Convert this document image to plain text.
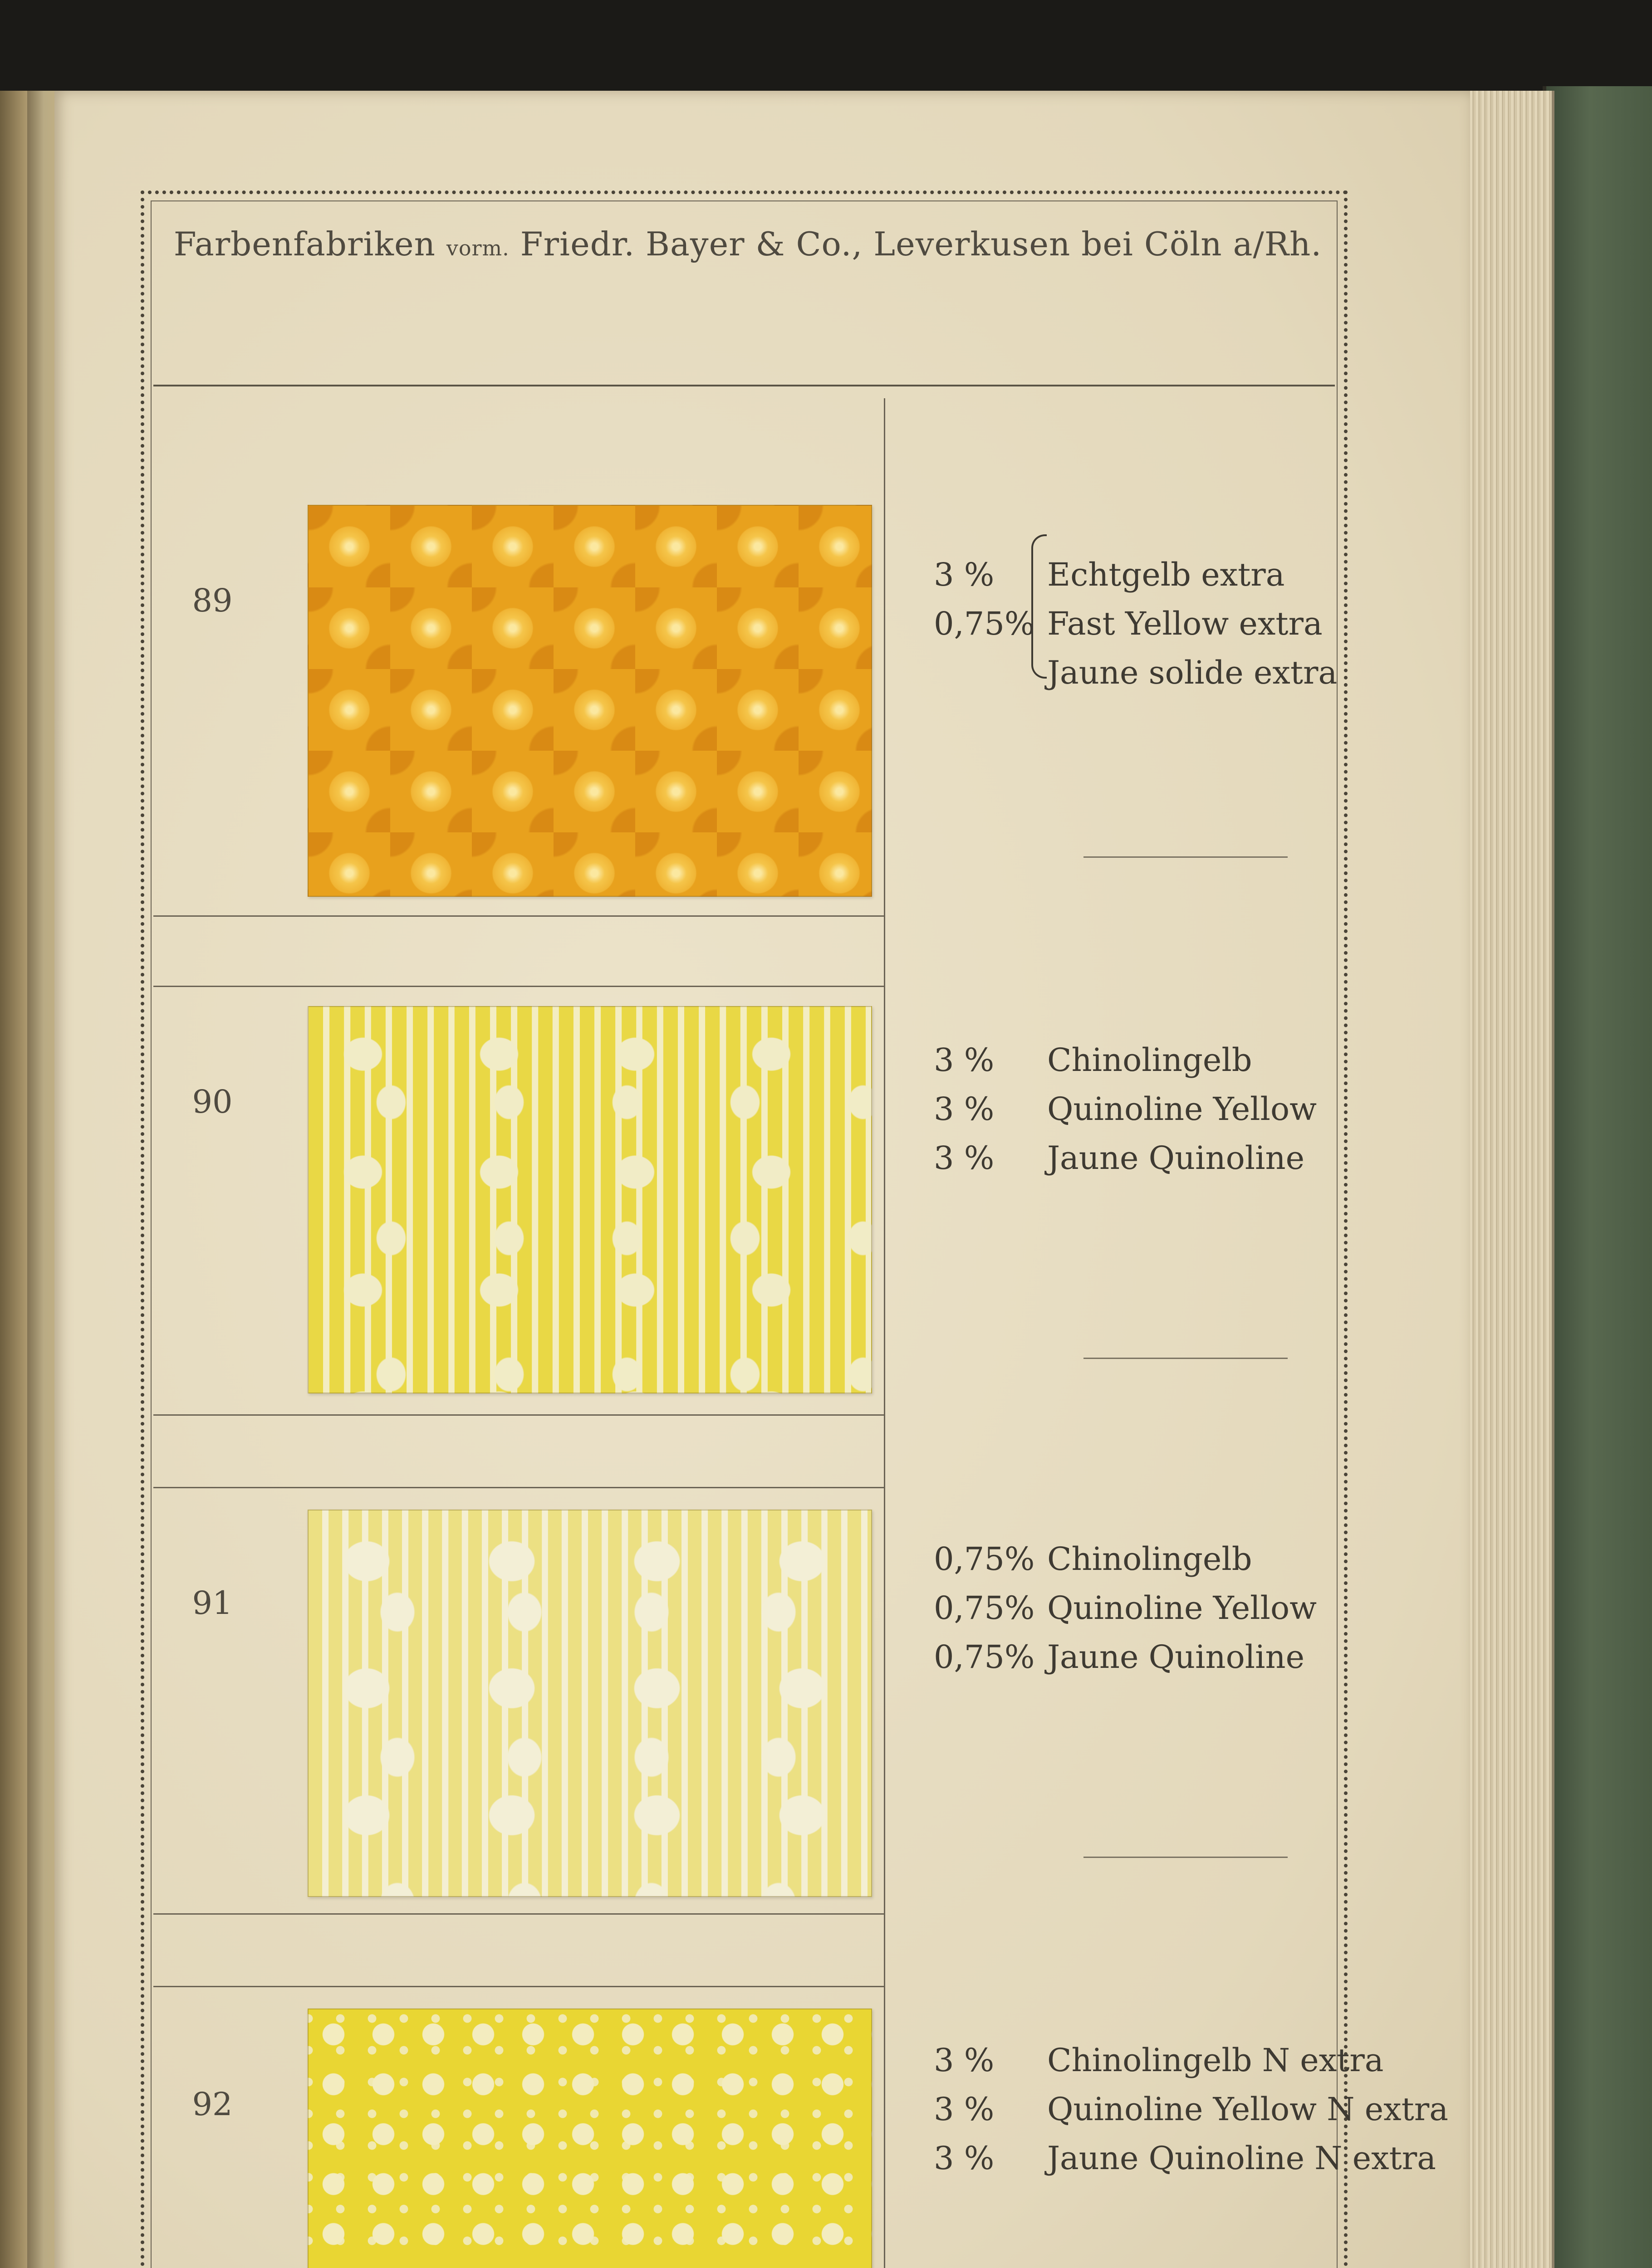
Farbenfabriken vorm. Friedr. Bayer & Co., Leverkusen bei Cöln a/Rh.
89
3 % Echtgelb extra
0,75% Fast Yellow extra
Jaune solide extra
90
3 % Chinolingelb
3 % Quinoline Yellow
3 % Jaune Quinoline
91
0,75% Chinolingelb
0,75% Quinoline Yellow
0,75% Jaune Quinoline
92
3 % Chinolingelb N extra
3 % Quinoline Yellow N extra
3 % Jaune Quinoline N extra
